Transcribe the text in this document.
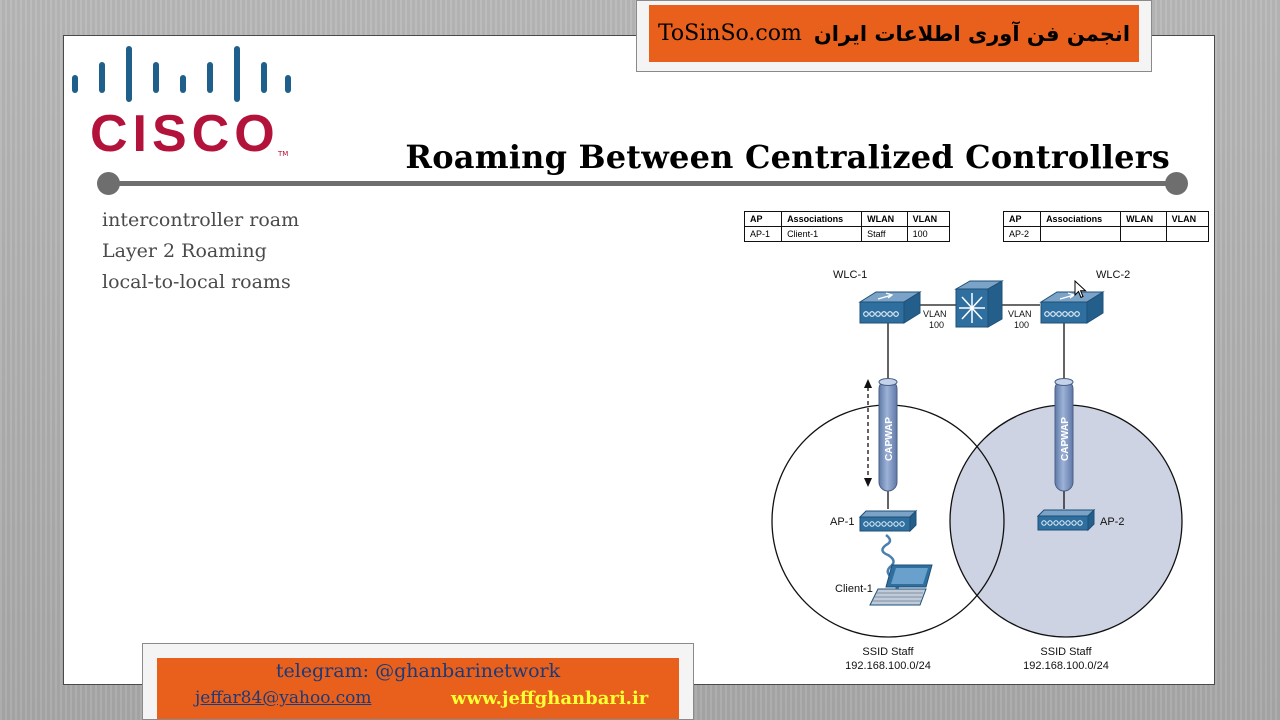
ToSinSo.com انجمن فن آوری اطلاعات ایران
CISCO
TM	Roaming Between Centralized Controllers
intercontroller roam
Layer 2 Roaming
local-to-local roams
AP	Associations	WLAN	VLAN
AP-1	Client-1	Staff	100
AP	Associations	WLAN	VLAN
AP-2			
WLC-1
VLAN
100
VLAN
100
WLC-2
CAPWAP	CAPWAP
AP-1
Client-1
AP-2
SSID Staff
192.168.100.0/24
SSID Staff
192.168.100.0/24
telegram: @ghanbarinetwork
jeffar84@yahoo.com	www.jeffghanbari.ir
